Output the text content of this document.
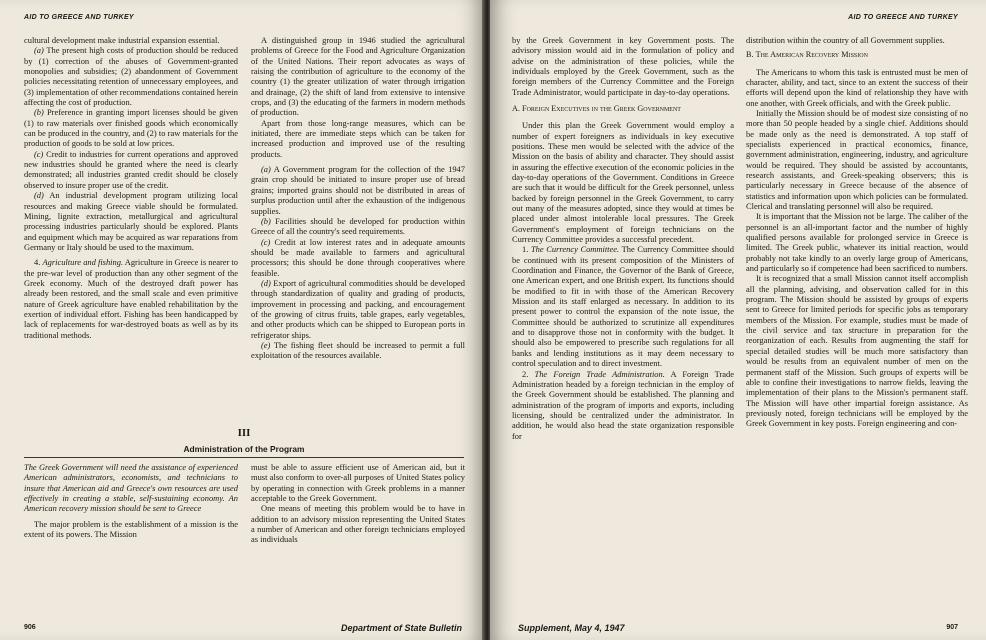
AID TO GREECE AND TURKEY

cultural development make industrial expansion essential.

(a) The present high costs of production should be reduced by (1) correction of the abuses of Government-granted monopolies and subsidies; (2) abandonment of Government policies necessitating retention of unnecessary employees, and (3) implementation of other recommendations contained herein affecting the cost of production.

(b) Preference in granting import licenses should be given (1) to raw materials over finished goods which economically can be produced in the country, and (2) to raw materials for the production of goods to be sold at low prices.

(c) Credit to industries for current operations and approved new industries should be granted where the need is clearly demonstrated; all industries granted credit should be closely observed to insure proper use of the credit.

(d) An industrial development program utilizing local resources and making Greece viable should be formulated. Mining, lignite extraction, metallurgical and agricultural processing industries particularly should be explored. Plants and equipment which may be acquired as war reparations from Germany or Italy should be used to the maximum.

4. Agriculture and fishing. Agriculture in Greece is nearer to the pre-war level of production than any other segment of the Greek economy. Much of the destroyed draft power has already been restored, and the small scale and even primitive nature of Greek agriculture have enabled rehabilitation by the exertion of individual effort. Fishing has been handicapped by lack of replacements for war-destroyed boats as well as by its traditional methods.

A distinguished group in 1946 studied the agricultural problems of Greece for the Food and Agriculture Organization of the United Nations. Their report advocates as ways of raising the contribution of agriculture to the economy of the country (1) the greater utilization of water through irrigation and drainage, (2) the shift of land from extensive to intensive crops, and (3) the educating of the farmers in modern methods of production.

Apart from those long-range measures, which can be initiated, there are immediate steps which can be taken for increased production and improved use of the resulting products.

(a) A Government program for the collection of the 1947 grain crop should be initiated to insure proper use of bread grains; imported grains should not be distributed in areas of surplus production until after the exhaustion of the indigenous supplies.

(b) Facilities should be developed for production within Greece of all the country's seed requirements.

(c) Credit at low interest rates and in adequate amounts should be made available to farmers and agricultural processors; this should be done through cooperatives where feasible.

(d) Export of agricultural commodities should be developed through standardization of quality and grading of products, improvement in processing and packing, and encouragement of the growing of citrus fruits, table grapes, early vegetables, and other products which can be shipped to European ports in refrigerator ships.

(e) The fishing fleet should be increased to permit a full exploitation of the resources available.

III
Administration of the Program

The Greek Government will need the assistance of experienced American administrators, economists, and technicians to insure that American aid and Greece's own resources are used effectively in creating a stable, self-sustaining economy. An American recovery mission should be sent to Greece

The major problem is the establishment of a mission is the extent of its powers. The Mission

must be able to assure efficient use of American aid, but it must also conform to over-all purposes of United States policy by operating in connection with Greek problems in a manner acceptable to the Greek Government.

One means of meeting this problem would be to have in addition to an advisory mission representing the United States a number of American and other foreign technicians employed as individuals

906	Department of State Bulletin
AID TO GREECE AND TURKEY

by the Greek Government in key Government posts. The advisory mission would aid in the formulation of policy and advise on the administration of these policies, while the individuals employed by the Greek Government, such as the foreign members of the Currency Committee and the Foreign Trade Administrator, would participate in day-to-day operations.

A. Foreign Executives in the Greek Government

Under this plan the Greek Government would employ a number of expert foreigners as individuals in key executive positions. These men would be selected with the advice of the Mission on the basis of ability and character. They should assist in assuring the effective execution of the economic policies in the day-to-day operations of the Government. Conditions in Greece are such that it would be difficult for the Greek personnel, unless backed by foreign personnel in the Greek Government, to carry out many of the measures adopted, since they would at times be placed under almost intolerable local pressures. The Greek Government's employment of foreign technicians on the Currency Committee provides a successful precedent.

1. The Currency Committee. The Currency Committee should be continued with its present composition of the Ministers of Coordination and Finance, the Governor of the Bank of Greece, one American expert, and one British expert. Its functions should be modified to fit in with those of the American Recovery Mission and its staff enlarged as necessary. In addition to its present power to control the expansion of the note issue, the Committee should be authorized to scrutinize all expenditures and to disapprove those not in conformity with the budget. It should also be empowered to prescribe such regulations for all banks and lending institutions as it may deem necessary to control speculation and to direct investment.

2. The Foreign Trade Administration. A Foreign Trade Administration headed by a foreign technician in the employ of the Greek Government should be established. The planning and administration of the program of imports and exports, including licensing, should be centralized under the administrator. In addition, he would also head the state organization responsible for

distribution within the country of all Government supplies.

B. The American Recovery Mission

The Americans to whom this task is entrusted must be men of character, ability, and tact, since to an extent the success of their efforts will depend upon the kind of relationship they have with one another, with Greek officials, and with the Greek public.

Initially the Mission should be of modest size consisting of no more than 50 people headed by a single chief. Additions should be made only as the need is demonstrated. A top staff of specialists experienced in practical economics, finance, government administration, engineering, industry, and agriculture would be required. They should be assisted by accountants, research assistants, and Greek-speaking observers; this is particularly necessary in Greece because of the absence of statistics and information upon which policies can be formulated. Clerical and translating personnel will also be required.

It is important that the Mission not be large. The caliber of the personnel is an all-important factor and the number of highly qualified persons available for prolonged service in Greece is limited. The Greek public, whatever its initial reaction, would probably not take kindly to an overly large group of Americans, and particularly so if competence had been sacrificed to numbers.

It is recognized that a small Mission cannot itself accomplish all the planning, advising, and observation called for in this program. The Mission should be assisted by groups of experts sent to Greece for limited periods for specific jobs as temporary members of the Mission. For example, studies must be made of the civil service and tax structure in preparation for the reorganization of each. Results from augmenting the staff for special detailed studies will be much more satisfactory than would be results from an equivalent number of men on the permanent staff of the Mission. Such groups of experts will be able to confine their investigations to narrow fields, leaving the implementation of their plans to the Mission's permanent staff. The Mission will have other impartial foreign assistance. As previously noted, foreign technicians will be employed by the Greek Government in key posts. Foreign engineering and con-

Supplement, May 4, 1947	907
